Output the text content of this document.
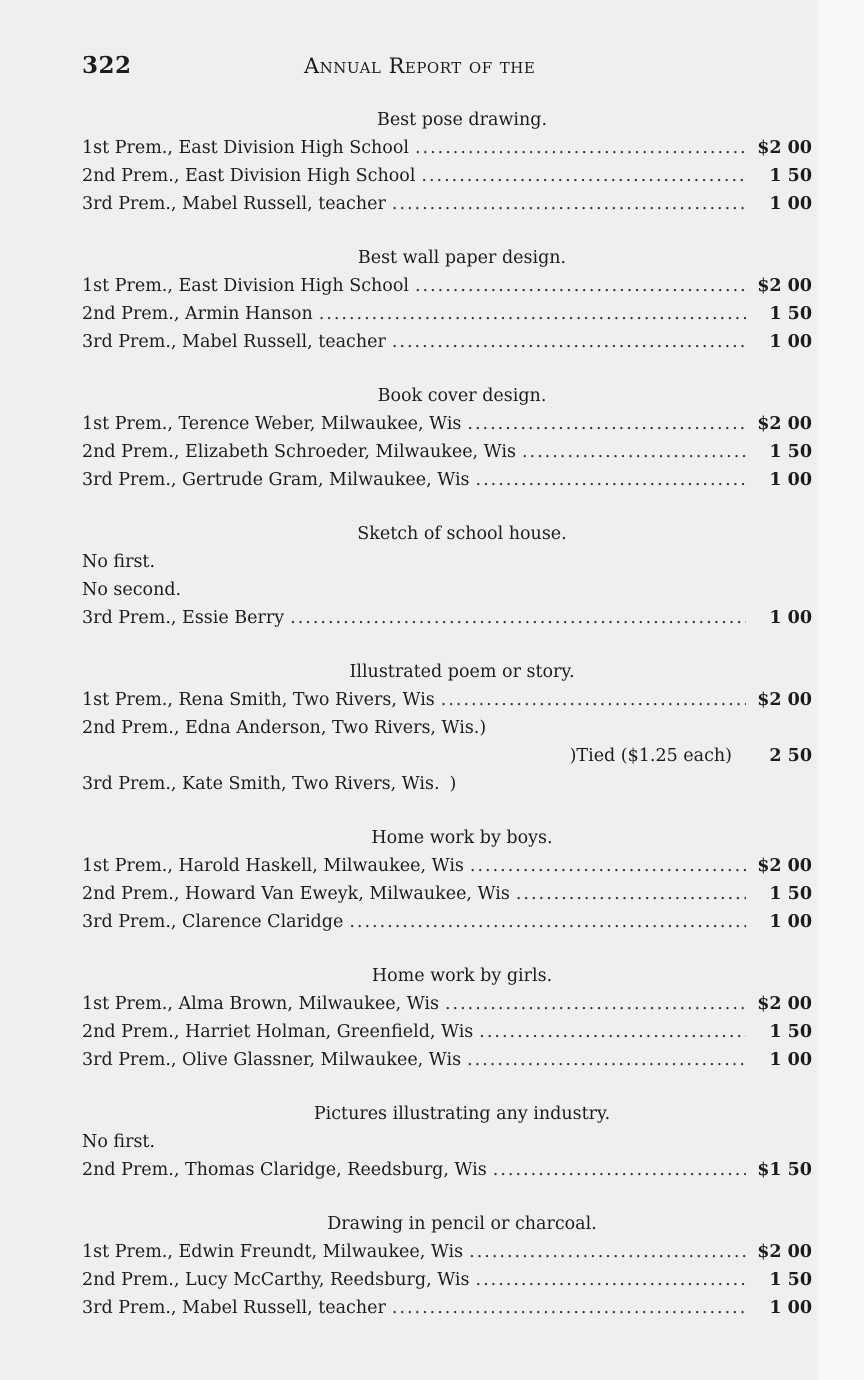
322	Annual Report of the
Best pose drawing.
1st Prem., East Division High School .....	$2 00
2nd Prem., East Division High School .....	1 50
3rd Prem., Mabel Russell, teacher .....	1 00
Best wall paper design.
1st Prem., East Division High School .....	$2 00
2nd Prem., Armin Hanson .....	1 50
3rd Prem., Mabel Russell, teacher .....	1 00
Book cover design.
1st Prem., Terence Weber, Milwaukee, Wis .....	$2 00
2nd Prem., Elizabeth Schroeder, Milwaukee, Wis .....	1 50
3rd Prem., Gertrude Gram, Milwaukee, Wis .....	1 00
Sketch of school house.
No first.
No second.
3rd Prem., Essie Berry .....	1 00
Illustrated poem or story.
1st Prem., Rena Smith, Two Rivers, Wis .....	$2 00
2nd Prem., Edna Anderson, Two Rivers, Wis.)
)Tied ($1.25 each)	2 50
3rd Prem., Kate Smith, Two Rivers, Wis. )
Home work by boys.
1st Prem., Harold Haskell, Milwaukee, Wis .....	$2 00
2nd Prem., Howard Van Eweyk, Milwaukee, Wis .....	1 50
3rd Prem., Clarence Claridge .....	1 00
Home work by girls.
1st Prem., Alma Brown, Milwaukee, Wis .....	$2 00
2nd Prem., Harriet Holman, Greenfield, Wis .....	1 50
3rd Prem., Olive Glassner, Milwaukee, Wis .....	1 00
Pictures illustrating any industry.
No first.
2nd Prem., Thomas Claridge, Reedsburg, Wis .....	$1 50
Drawing in pencil or charcoal.
1st Prem., Edwin Freundt, Milwaukee, Wis .....	$2 00
2nd Prem., Lucy McCarthy, Reedsburg, Wis .....	1 50
3rd Prem., Mabel Russell, teacher .....	1 00
